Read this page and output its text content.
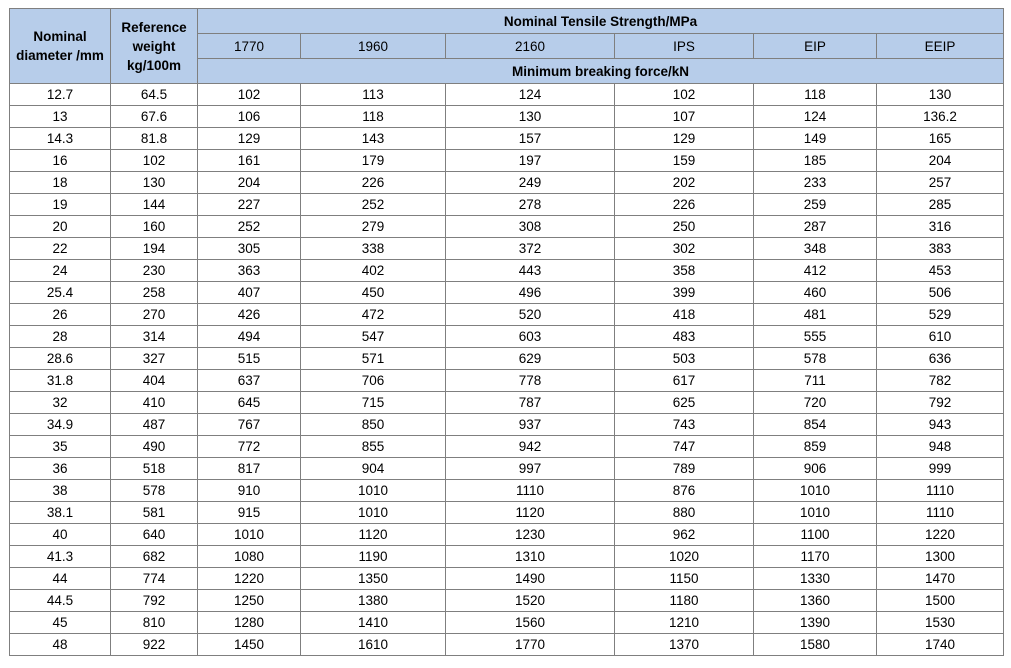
Nominal diameter /mm	Reference weight kg/100m	Nominal Tensile Strength/MPa					
		1770	1960	2160	IPS	EIP	EEIP
		Minimum breaking force/kN					
12.7	64.5	102	113	124	102	118	130
13	67.6	106	118	130	107	124	136.2
14.3	81.8	129	143	157	129	149	165
16	102	161	179	197	159	185	204
18	130	204	226	249	202	233	257
19	144	227	252	278	226	259	285
20	160	252	279	308	250	287	316
22	194	305	338	372	302	348	383
24	230	363	402	443	358	412	453
25.4	258	407	450	496	399	460	506
26	270	426	472	520	418	481	529
28	314	494	547	603	483	555	610
28.6	327	515	571	629	503	578	636
31.8	404	637	706	778	617	711	782
32	410	645	715	787	625	720	792
34.9	487	767	850	937	743	854	943
35	490	772	855	942	747	859	948
36	518	817	904	997	789	906	999
38	578	910	1010	1110	876	1010	1110
38.1	581	915	1010	1120	880	1010	1110
40	640	1010	1120	1230	962	1100	1220
41.3	682	1080	1190	1310	1020	1170	1300
44	774	1220	1350	1490	1150	1330	1470
44.5	792	1250	1380	1520	1180	1360	1500
45	810	1280	1410	1560	1210	1390	1530
48	922	1450	1610	1770	1370	1580	1740
